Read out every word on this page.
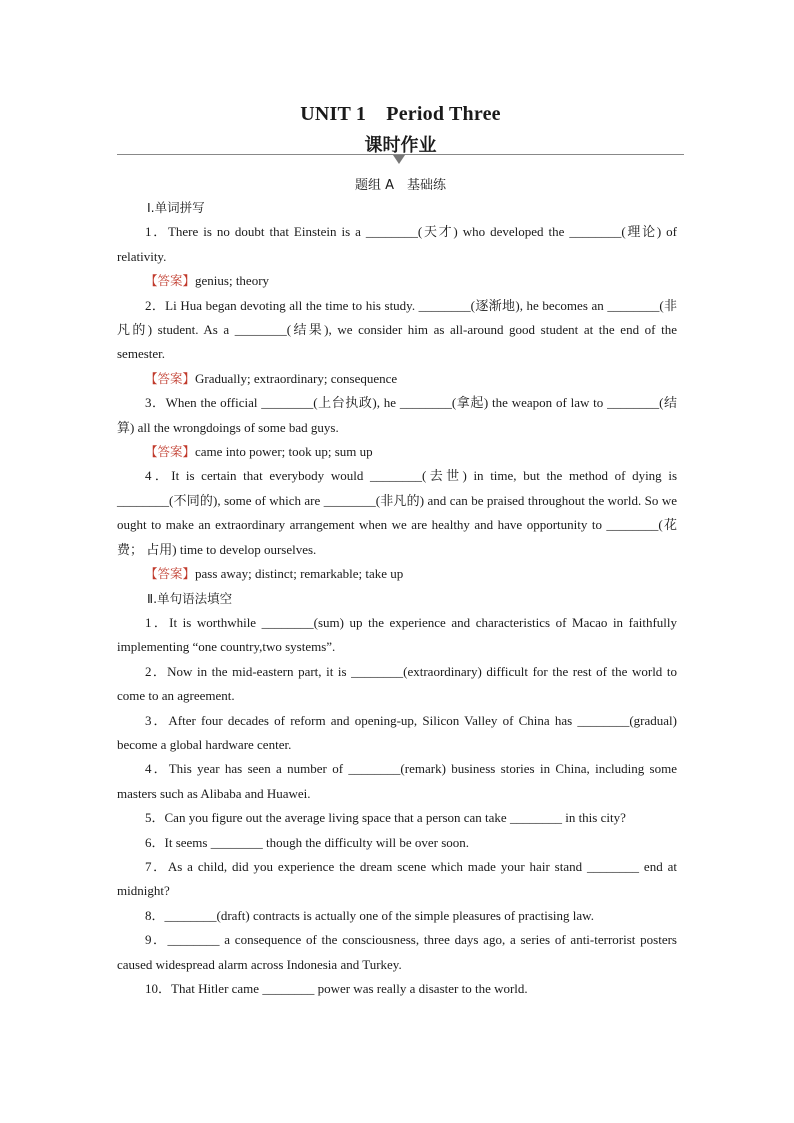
UNIT 1　Period Three
课时作业
题组 A　基础练
Ⅰ.单词拼写
1．There is no doubt that Einstein is a ________(天才) who developed the ________(理论) of relativity.
【答案】genius; theory
2．Li Hua began devoting all the time to his study. ________(逐渐地), he becomes an ________(非凡的) student. As a ________(结果), we consider him as all-around good student at the end of the semester.
【答案】Gradually; extraordinary; consequence
3．When the official ________(上台执政), he ________(拿起) the weapon of law to ________(结算) all the wrongdoings of some bad guys.
【答案】came into power; took up; sum up
4．It is certain that everybody would ________(去世) in time, but the method of dying is ________(不同的), some of which are ________(非凡的) and can be praised throughout the world. So we ought to make an extraordinary arrangement when we are healthy and have opportunity to ________(花费； 占用) time to develop ourselves.
【答案】pass away; distinct; remarkable; take up
Ⅱ.单句语法填空
1．It is worthwhile ________(sum) up the experience and characteristics of Macao in faithfully implementing “one country,two systems”.
2．Now in the mid-eastern part, it is ________(extraordinary) difficult for the rest of the world to come to an agreement.
3．After four decades of reform and opening-up, Silicon Valley of China has ________(gradual) become a global hardware center.
4．This year has seen a number of ________(remark) business stories in China, including some masters such as Alibaba and Huawei.
5．Can you figure out the average living space that a person can take ________ in this city?
6．It seems ________ though the difficulty will be over soon.
7．As a child, did you experience the dream scene which made your hair stand ________ end at midnight?
8．________(draft) contracts is actually one of the simple pleasures of practising law.
9．________ a consequence of the consciousness, three days ago, a series of anti-terrorist posters caused widespread alarm across Indonesia and Turkey.
10．That Hitler came ________ power was really a disaster to the world.
